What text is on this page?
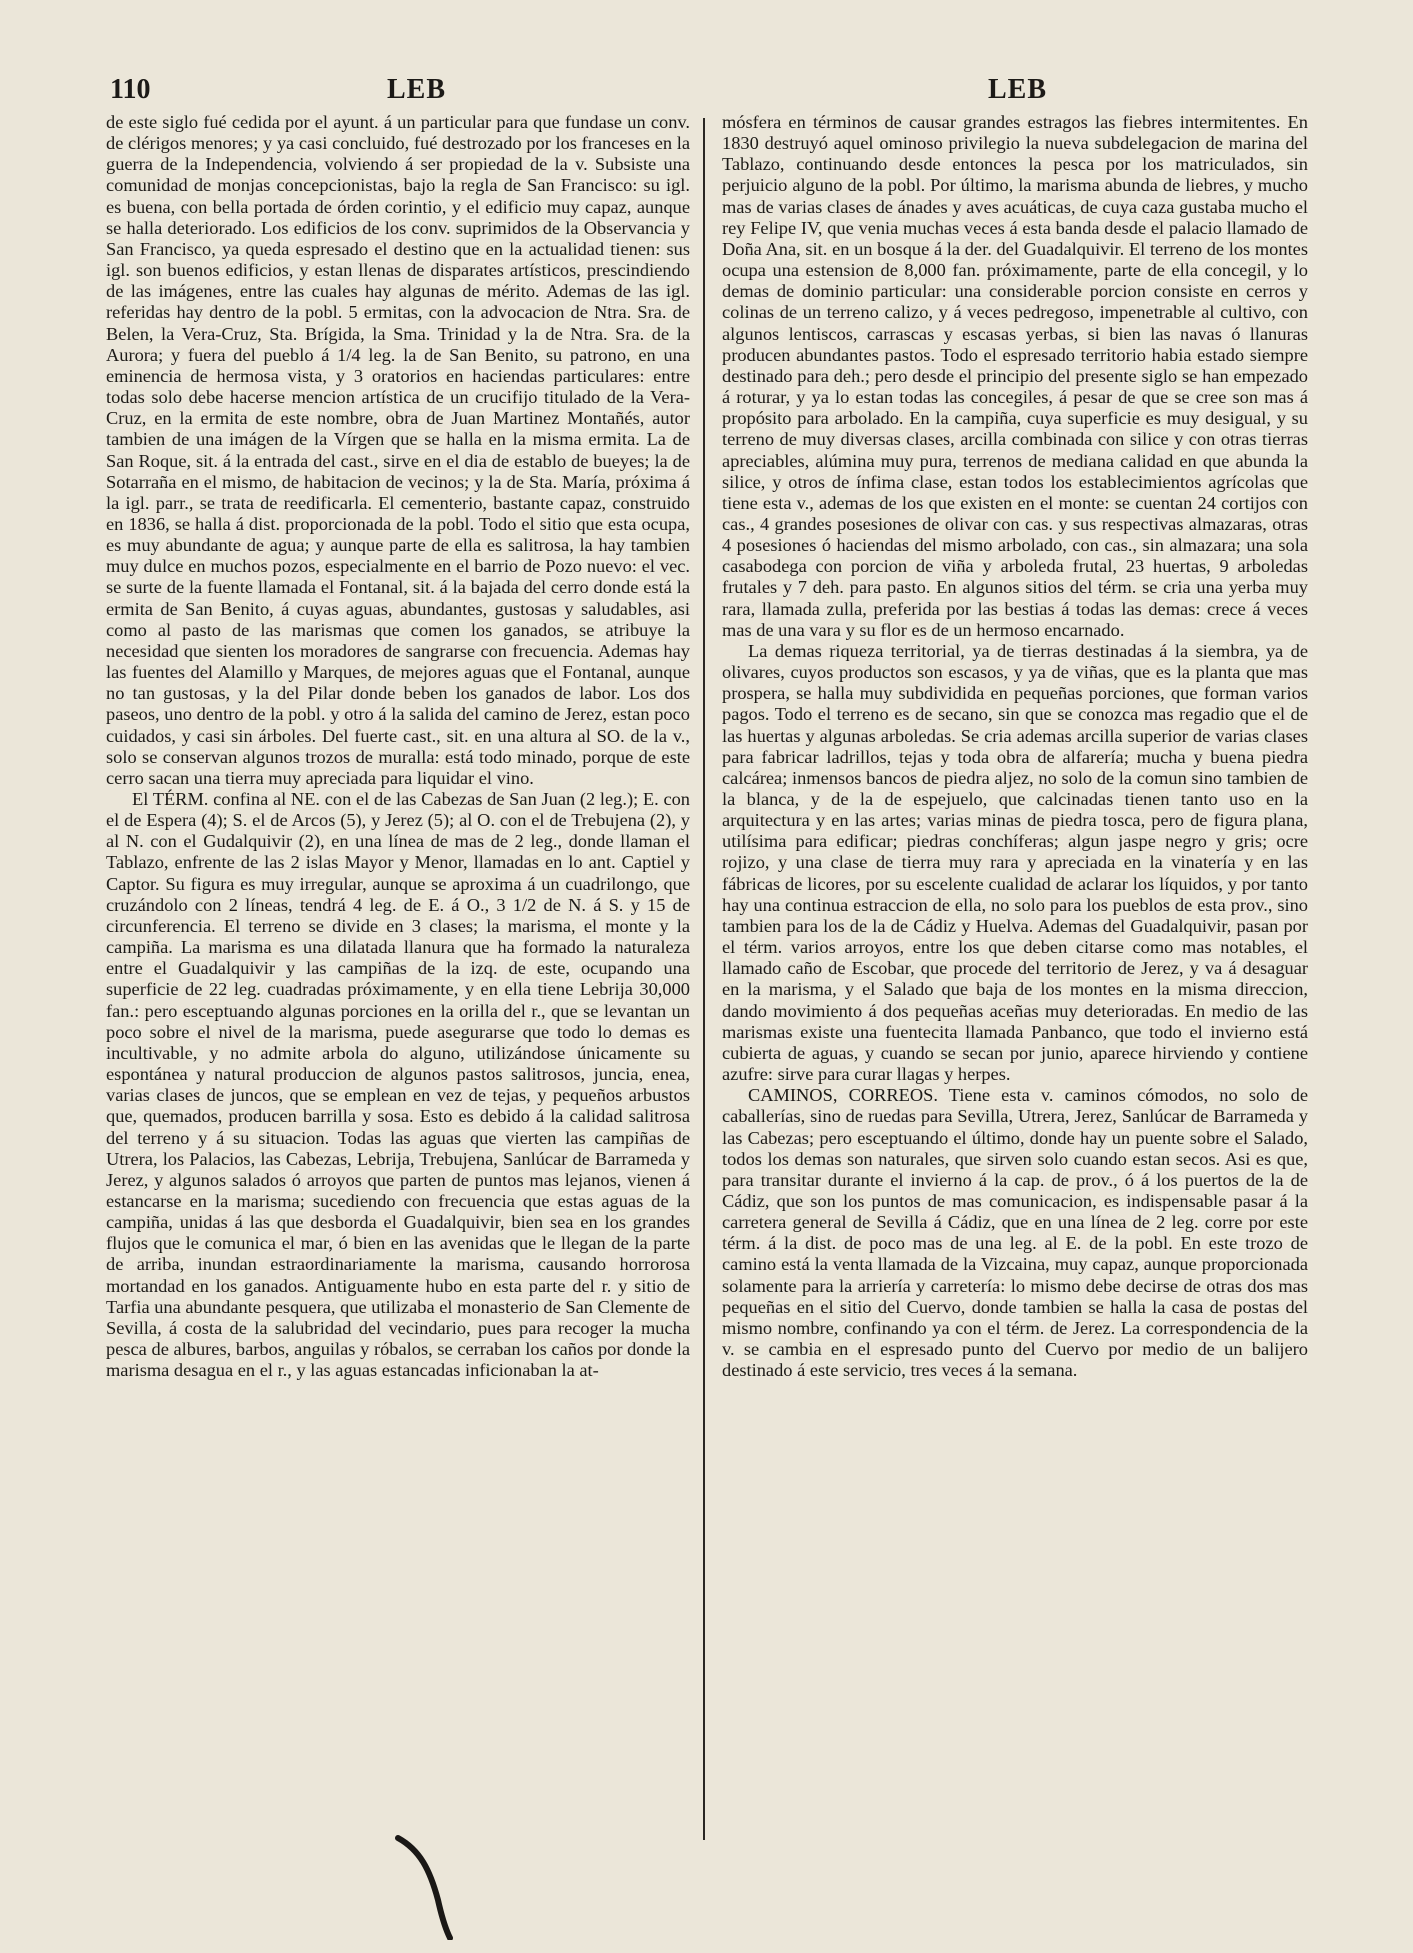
110	LEB	LEB

de este siglo fué cedida por el ayunt. á un particular para que fundase un conv. de clérigos menores; y ya casi concluido, fué destrozado por los franceses en la guerra de la Independencia, volviendo á ser propiedad de la v. Subsiste una comunidad de monjas concepcionistas, bajo la regla de San Francisco: su igl. es buena, con bella portada de órden corintio, y el edificio muy capaz, aunque se halla deteriorado. Los edificios de los conv. suprimidos de la Observancia y San Francisco, ya queda espresado el destino que en la actualidad tienen: sus igl. son buenos edificios, y estan llenas de disparates artísticos, prescindiendo de las imágenes, entre las cuales hay algunas de mérito. Ademas de las igl. referidas hay dentro de la pobl. 5 ermitas, con la advocacion de Ntra. Sra. de Belen, la Vera-Cruz, Sta. Brígida, la Sma. Trinidad y la de Ntra. Sra. de la Aurora; y fuera del pueblo á 1/4 leg. la de San Benito, su patrono, en una eminencia de hermosa vista, y 3 oratorios en haciendas particulares: entre todas solo debe hacerse mencion artística de un crucifijo titulado de la Vera-Cruz, en la ermita de este nombre, obra de Juan Martinez Montañés, autor tambien de una imágen de la Vírgen que se halla en la misma ermita. La de San Roque, sit. á la entrada del cast., sirve en el dia de establo de bueyes; la de Sotarraña en el mismo, de habitacion de vecinos; y la de Sta. María, próxima á la igl. parr., se trata de reedificarla. El cementerio, bastante capaz, construido en 1836, se halla á dist. proporcionada de la pobl. Todo el sitio que esta ocupa, es muy abundante de agua; y aunque parte de ella es salitrosa, la hay tambien muy dulce en muchos pozos, especialmente en el barrio de Pozo nuevo: el vec. se surte de la fuente llamada el Fontanal, sit. á la bajada del cerro donde está la ermita de San Benito, á cuyas aguas, abundantes, gustosas y saludables, asi como al pasto de las marismas que comen los ganados, se atribuye la necesidad que sienten los moradores de sangrarse con frecuencia. Ademas hay las fuentes del Alamillo y Marques, de mejores aguas que el Fontanal, aunque no tan gustosas, y la del Pilar donde beben los ganados de labor. Los dos paseos, uno dentro de la pobl. y otro á la salida del camino de Jerez, estan poco cuidados, y casi sin árboles. Del fuerte cast., sit. en una altura al SO. de la v., solo se conservan algunos trozos de muralla: está todo minado, porque de este cerro sacan una tierra muy apreciada para liquidar el vino.

El TÉRM. confina al NE. con el de las Cabezas de San Juan (2 leg.); E. con el de Espera (4); S. el de Arcos (5), y Jerez (5); al O. con el de Trebujena (2), y al N. con el Gudalquivir (2), en una línea de mas de 2 leg., donde llaman el Tablazo, enfrente de las 2 islas Mayor y Menor, llamadas en lo ant. Captiel y Captor. Su figura es muy irregular, aunque se aproxima á un cuadrilongo, que cruzándolo con 2 líneas, tendrá 4 leg. de E. á O., 3 1/2 de N. á S. y 15 de circunferencia. El terreno se divide en 3 clases; la marisma, el monte y la campiña. La marisma es una dilatada llanura que ha formado la naturaleza entre el Guadalquivir y las campiñas de la izq. de este, ocupando una superficie de 22 leg. cuadradas próximamente, y en ella tiene Lebrija 30,000 fan.: pero esceptuando algunas porciones en la orilla del r., que se levantan un poco sobre el nivel de la marisma, puede asegurarse que todo lo demas es incultivable, y no admite arbola do alguno, utilizándose únicamente su espontánea y natural produccion de algunos pastos salitrosos, juncia, enea, varias clases de juncos, que se emplean en vez de tejas, y pequeños arbustos que, quemados, producen barrilla y sosa. Esto es debido á la calidad salitrosa del terreno y á su situacion. Todas las aguas que vierten las campiñas de Utrera, los Palacios, las Cabezas, Lebrija, Trebujena, Sanlúcar de Barrameda y Jerez, y algunos salados ó arroyos que parten de puntos mas lejanos, vienen á estancarse en la marisma; sucediendo con frecuencia que estas aguas de la campiña, unidas á las que desborda el Guadalquivir, bien sea en los grandes flujos que le comunica el mar, ó bien en las avenidas que le llegan de la parte de arriba, inundan estraordinariamente la marisma, causando horrorosa mortandad en los ganados. Antiguamente hubo en esta parte del r. y sitio de Tarfia una abundante pesquera, que utilizaba el monasterio de San Clemente de Sevilla, á costa de la salubridad del vecindario, pues para recoger la mucha pesca de albures, barbos, anguilas y róbalos, se cerraban los caños por donde la marisma desagua en el r., y las aguas estancadas inficionaban la at-

mósfera en términos de causar grandes estragos las fiebres intermitentes. En 1830 destruyó aquel ominoso privilegio la nueva subdelegacion de marina del Tablazo, continuando desde entonces la pesca por los matriculados, sin perjuicio alguno de la pobl. Por último, la marisma abunda de liebres, y mucho mas de varias clases de ánades y aves acuáticas, de cuya caza gustaba mucho el rey Felipe IV, que venia muchas veces á esta banda desde el palacio llamado de Doña Ana, sit. en un bosque á la der. del Guadalquivir. El terreno de los montes ocupa una estension de 8,000 fan. próximamente, parte de ella concegil, y lo demas de dominio particular: una considerable porcion consiste en cerros y colinas de un terreno calizo, y á veces pedregoso, impenetrable al cultivo, con algunos lentiscos, carrascas y escasas yerbas, si bien las navas ó llanuras producen abundantes pastos. Todo el espresado territorio habia estado siempre destinado para deh.; pero desde el principio del presente siglo se han empezado á roturar, y ya lo estan todas las concegiles, á pesar de que se cree son mas á propósito para arbolado. En la campiña, cuya superficie es muy desigual, y su terreno de muy diversas clases, arcilla combinada con silice y con otras tierras apreciables, alúmina muy pura, terrenos de mediana calidad en que abunda la silice, y otros de ínfima clase, estan todos los establecimientos agrícolas que tiene esta v., ademas de los que existen en el monte: se cuentan 24 cortijos con cas., 4 grandes posesiones de olivar con cas. y sus respectivas almazaras, otras 4 posesiones ó haciendas del mismo arbolado, con cas., sin almazara; una sola casabodega con porcion de viña y arboleda frutal, 23 huertas, 9 arboledas frutales y 7 deh. para pasto. En algunos sitios del térm. se cria una yerba muy rara, llamada zulla, preferida por las bestias á todas las demas: crece á veces mas de una vara y su flor es de un hermoso encarnado.

La demas riqueza territorial, ya de tierras destinadas á la siembra, ya de olivares, cuyos productos son escasos, y ya de viñas, que es la planta que mas prospera, se halla muy subdividida en pequeñas porciones, que forman varios pagos. Todo el terreno es de secano, sin que se conozca mas regadio que el de las huertas y algunas arboledas. Se cria ademas arcilla superior de varias clases para fabricar ladrillos, tejas y toda obra de alfarería; mucha y buena piedra calcárea; inmensos bancos de piedra aljez, no solo de la comun sino tambien de la blanca, y de la de espejuelo, que calcinadas tienen tanto uso en la arquitectura y en las artes; varias minas de piedra tosca, pero de figura plana, utilísima para edificar; piedras conchíferas; algun jaspe negro y gris; ocre rojizo, y una clase de tierra muy rara y apreciada en la vinatería y en las fábricas de licores, por su escelente cualidad de aclarar los líquidos, y por tanto hay una continua estraccion de ella, no solo para los pueblos de esta prov., sino tambien para los de la de Cádiz y Huelva. Ademas del Guadalquivir, pasan por el térm. varios arroyos, entre los que deben citarse como mas notables, el llamado caño de Escobar, que procede del territorio de Jerez, y va á desaguar en la marisma, y el Salado que baja de los montes en la misma direccion, dando movimiento á dos pequeñas aceñas muy deterioradas. En medio de las marismas existe una fuentecita llamada Panbanco, que todo el invierno está cubierta de aguas, y cuando se secan por junio, aparece hirviendo y contiene azufre: sirve para curar llagas y herpes.

CAMINOS, CORREOS. Tiene esta v. caminos cómodos, no solo de caballerías, sino de ruedas para Sevilla, Utrera, Jerez, Sanlúcar de Barrameda y las Cabezas; pero esceptuando el último, donde hay un puente sobre el Salado, todos los demas son naturales, que sirven solo cuando estan secos. Asi es que, para transitar durante el invierno á la cap. de prov., ó á los puertos de la de Cádiz, que son los puntos de mas comunicacion, es indispensable pasar á la carretera general de Sevilla á Cádiz, que en una línea de 2 leg. corre por este térm. á la dist. de poco mas de una leg. al E. de la pobl. En este trozo de camino está la venta llamada de la Vizcaina, muy capaz, aunque proporcionada solamente para la arriería y carretería: lo mismo debe decirse de otras dos mas pequeñas en el sitio del Cuervo, donde tambien se halla la casa de postas del mismo nombre, confinando ya con el térm. de Jerez. La correspondencia de la v. se cambia en el espresado punto del Cuervo por medio de un balijero destinado á este servicio, tres veces á la semana.
